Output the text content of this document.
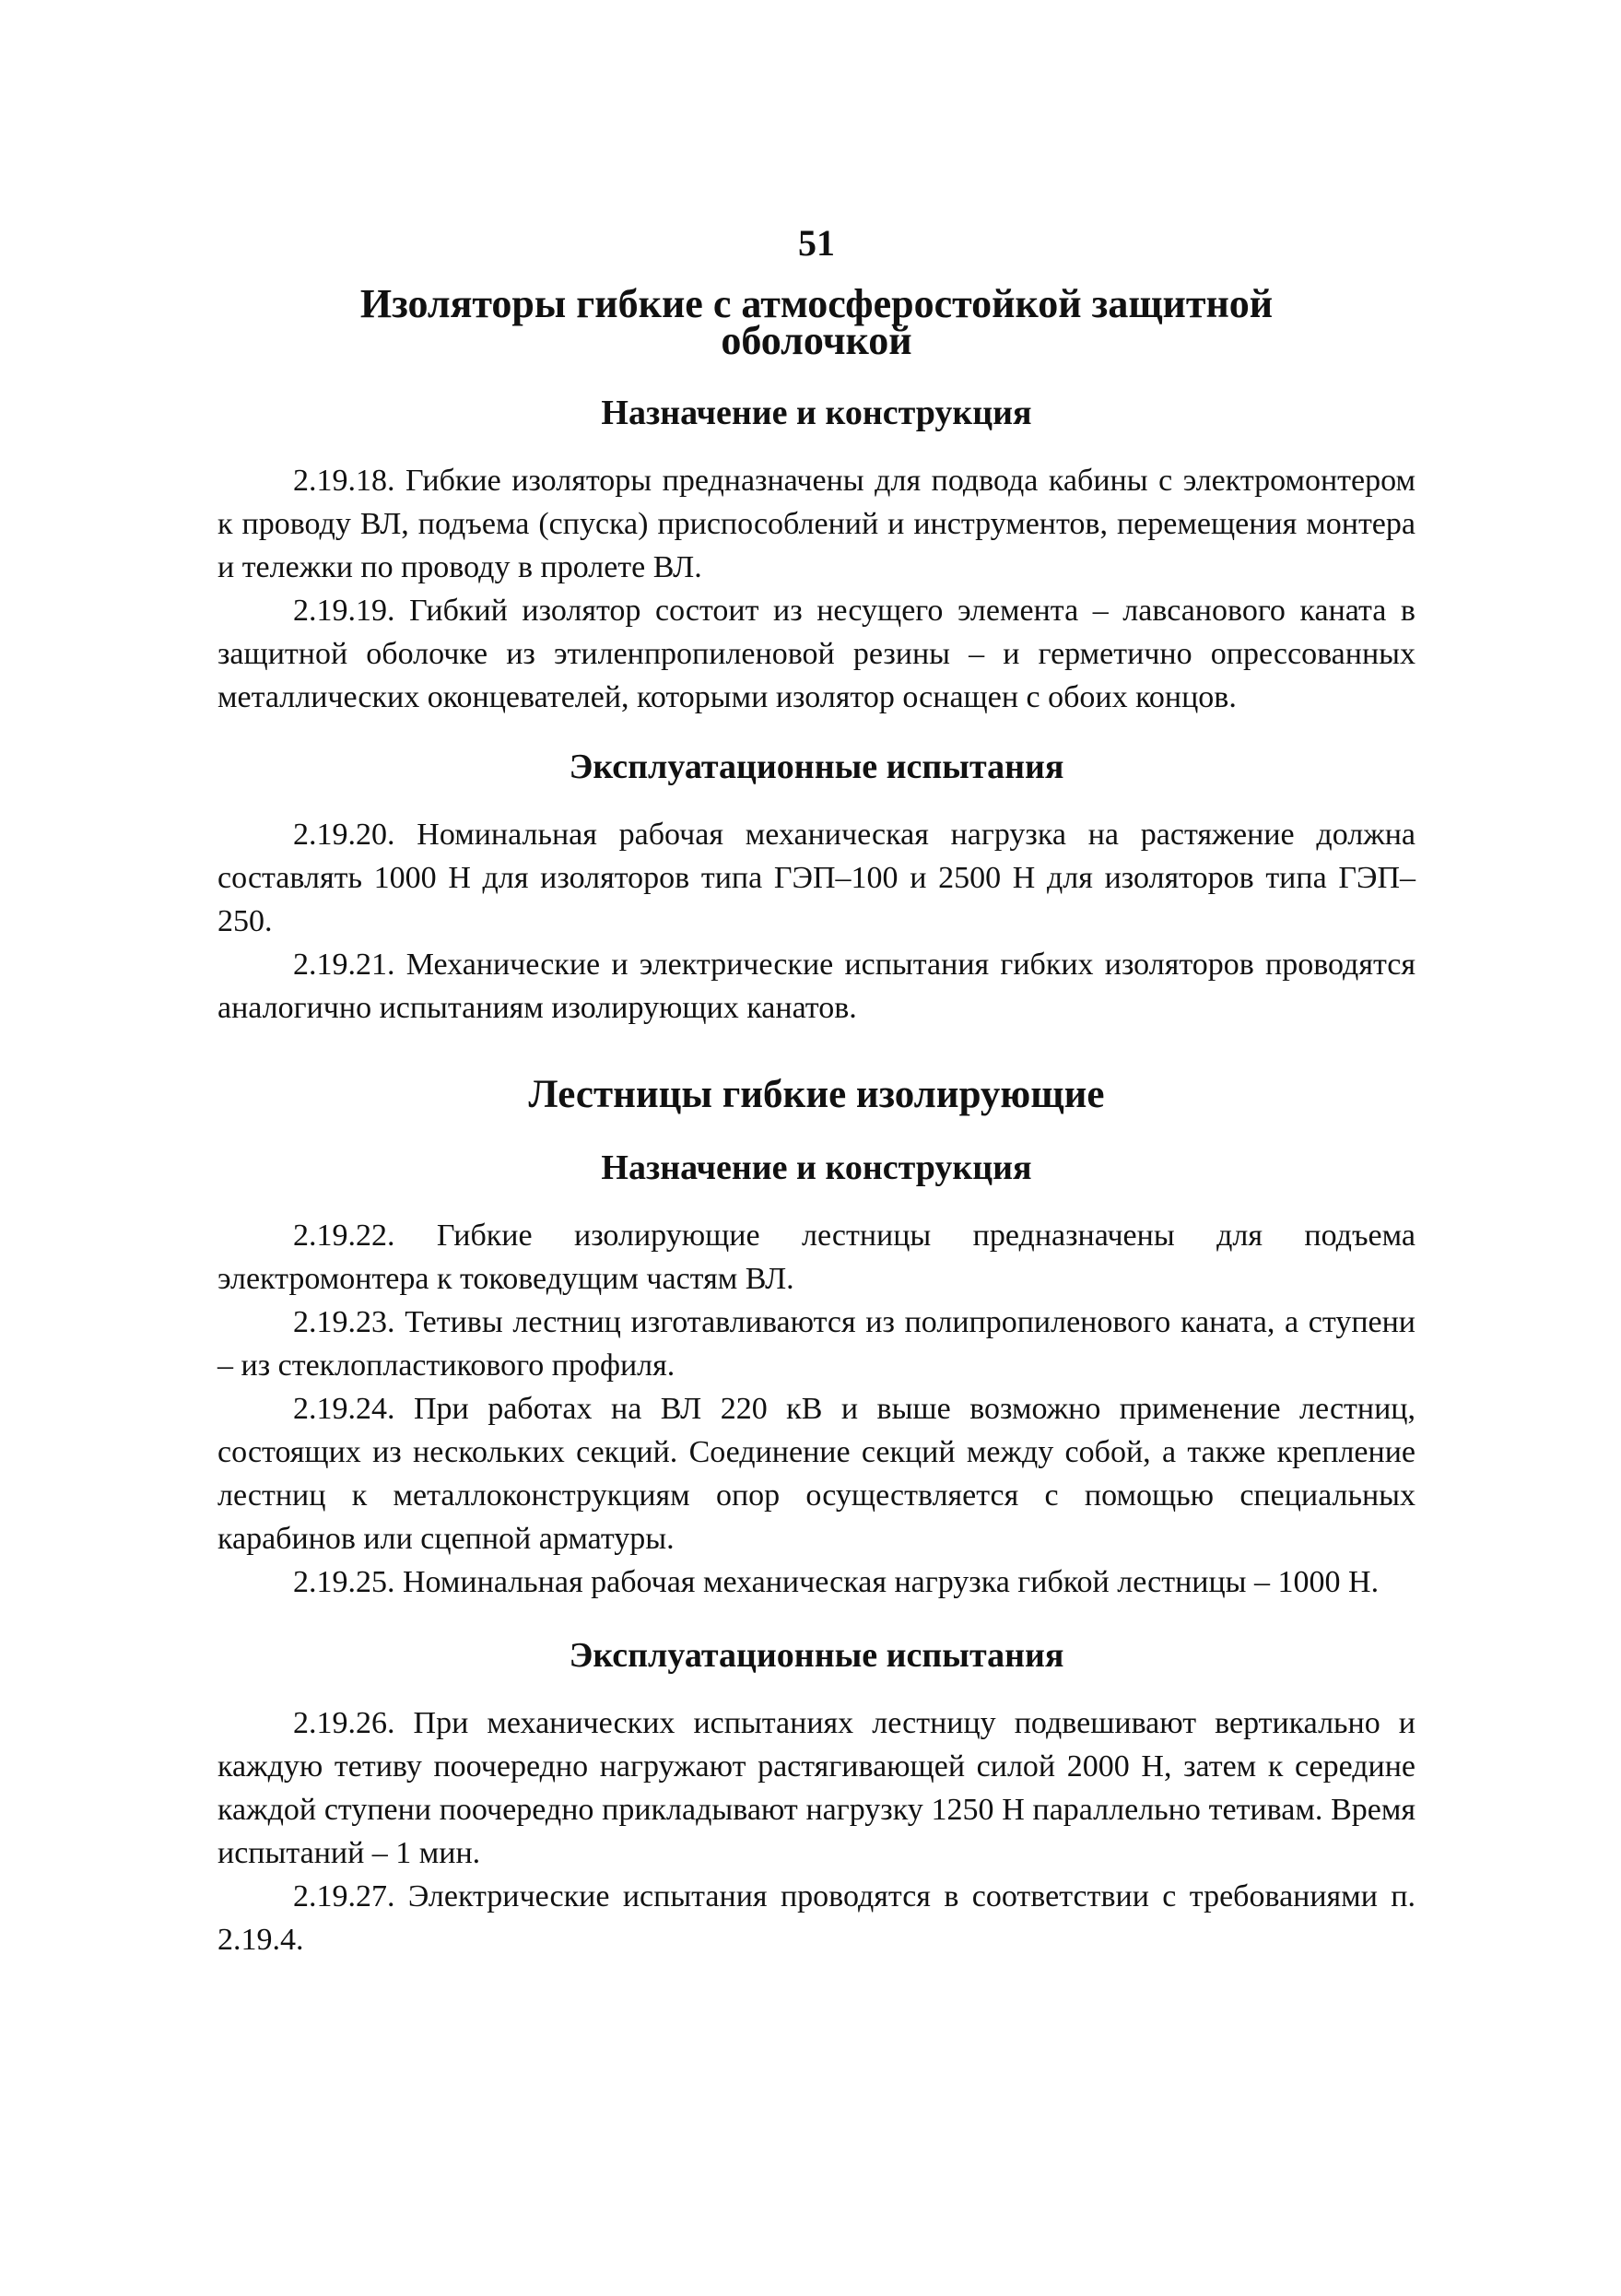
51
Изоляторы гибкие с атмосферостойкой защитной
оболочкой
Назначение и конструкция

2.19.18. Гибкие изоляторы предназначены для подвода кабины с электромонтером к проводу ВЛ, подъема (спуска) приспособлений и инструментов, перемещения монтера и тележки по проводу в пролете ВЛ.

2.19.19. Гибкий изолятор состоит из несущего элемента – лавсанового каната в защитной оболочке из этиленпропиленовой резины – и герметично опрессованных металлических оконцевателей, которыми изолятор оснащен с обоих концов.

Эксплуатационные испытания

2.19.20. Номинальная рабочая механическая нагрузка на растяжение должна составлять 1000 Н для изоляторов типа ГЭП–100 и 2500 Н для изоляторов типа ГЭП–250.

2.19.21. Механические и электрические испытания гибких изоляторов проводятся аналогично испытаниям изолирующих канатов.

Лестницы гибкие изолирующие
Назначение и конструкция

2.19.22. Гибкие изолирующие лестницы предназначены для подъема электромонтера к токоведущим частям ВЛ.

2.19.23. Тетивы лестниц изготавливаются из полипропиленового каната, а ступени – из стеклопластикового профиля.

2.19.24. При работах на ВЛ 220 кВ и выше возможно применение лестниц, состоящих из нескольких секций. Соединение секций между собой, а также крепление лестниц к металлоконструкциям опор осуществляется с помощью специальных карабинов или сцепной арматуры.

2.19.25. Номинальная рабочая механическая нагрузка гибкой лестницы – 1000 Н.

Эксплуатационные испытания

2.19.26. При механических испытаниях лестницу подвешивают вертикально и каждую тетиву поочередно нагружают растягивающей силой 2000 Н, затем к середине каждой ступени поочередно прикладывают нагрузку 1250 Н параллельно тетивам. Время испытаний – 1 мин.

2.19.27. Электрические испытания проводятся в соответствии с требованиями п. 2.19.4.
